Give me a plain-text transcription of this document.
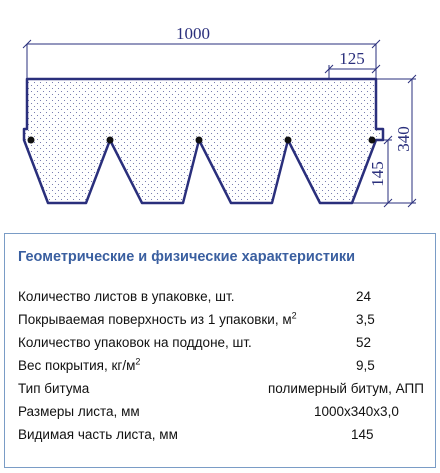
1000
125
340
145
Геометрические и физические характеристики
Количество листов в упаковке, шт.	24
Покрываемая поверхность из 1 упаковки, $м^2$	3,5
Количество упаковок на поддоне, шт.	52
Вес покрытия, $кг/м^2$	9,5
Тип битума	полимерный битум, АПП
Размеры листа, мм	1000x340x3,0
Видимая часть листа, мм	145
